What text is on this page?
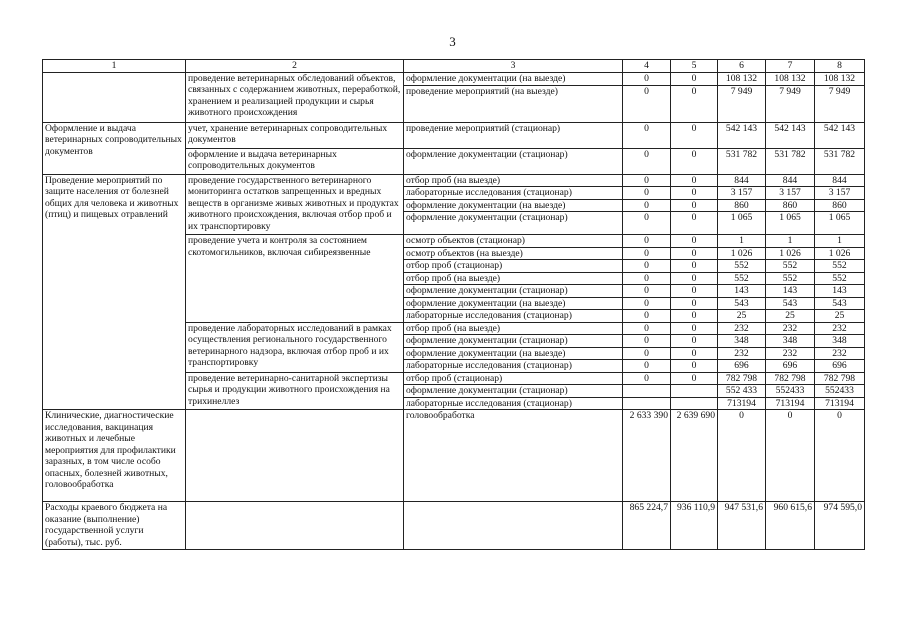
3
1	2	3	4	5	6	7	8
	проведение ветеринарных обследований объектов, связанных с содержанием животных, переработкой, хранением и реализацией продукции и сырья животного происхождения	оформление документации (на выезде)	0	0	108 132	108 132	108 132
		проведение мероприятий (на выезде)	0	0	7 949	7 949	7 949
Оформление и выдача ветеринарных сопроводительных документов	учет, хранение ветеринарных сопроводительных документов	проведение мероприятий (стационар)	0	0	542 143	542 143	542 143
	оформление и выдача ветеринарных сопроводительных документов	оформление документации (стационар)	0	0	531 782	531 782	531 782
Проведение мероприятий по защите населения от болезней общих для человека и животных (птиц) и пищевых отравлений	проведение государственного ветеринарного мониторинга остатков запрещенных и вредных веществ в организме живых животных и продуктах животного происхождения, включая отбор проб и их транспортировку	отбор проб (на выезде)	0	0	844	844	844
		лабораторные исследования (стационар)	0	0	3 157	3 157	3 157
		оформление документации (на выезде)	0	0	860	860	860
		оформление документации (стационар)	0	0	1 065	1 065	1 065
	проведение учета и контроля за состоянием скотомогильников, включая сибиреязвенные	осмотр объектов (стационар)	0	0	1	1	1
		осмотр объектов (на выезде)	0	0	1 026	1 026	1 026
		отбор проб (стационар)	0	0	552	552	552
		отбор проб (на выезде)	0	0	552	552	552
		оформление документации (стационар)	0	0	143	143	143
		оформление документации (на выезде)	0	0	543	543	543
		лабораторные исследования (стационар)	0	0	25	25	25
	проведение лабораторных исследований в рамках осуществления регионального государственного ветеринарного надзора, включая отбор проб и их транспортировку	отбор проб (на выезде)	0	0	232	232	232
		оформление документации (стационар)	0	0	348	348	348
		оформление документации (на выезде)	0	0	232	232	232
		лабораторные исследования (стационар)	0	0	696	696	696
	проведение ветеринарно-санитарной экспертизы сырья и продукции животного происхождения на трихинеллез	отбор проб (стационар)	0	0	782 798	782 798	782 798
		оформление документации (стационар)			552 433	552433	552433
		лабораторные исследования (стационар)			713194	713194	713194
Клинические, диагностические исследования, вакцинация животных и лечебные мероприятия для профилактики заразных, в том числе особо опасных, болезней животных, головообработка		головообработка	2 633 390	2 639 690	0	0	0
Расходы краевого бюджета на оказание (выполнение) государственной услуги (работы), тыс. руб.			865 224,7	936 110,9	947 531,6	960 615,6	974 595,0
